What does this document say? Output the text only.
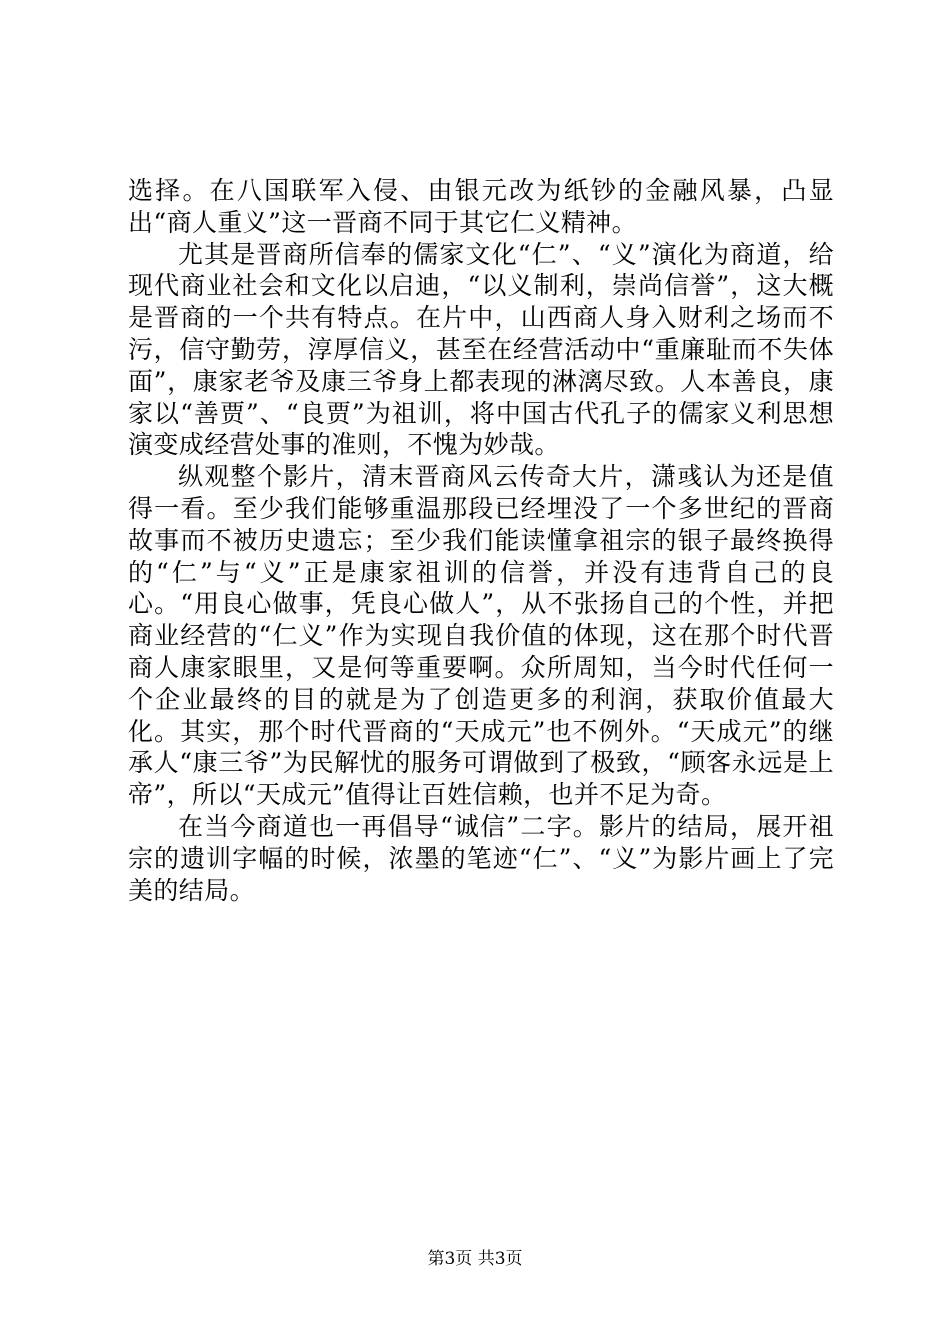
选择。在八国联军入侵、由银元改为纸钞的金融风暴，凸显出“商人重义”这一晋商不同于其它仁义精神。

尤其是晋商所信奉的儒家文化“仁”、“义”演化为商道，给现代商业社会和文化以启迪，“以义制利，崇尚信誉”，这大概是晋商的一个共有特点。在片中，山西商人身入财利之场而不污，信守勤劳，淳厚信义，甚至在经营活动中“重廉耻而不失体面”，康家老爷及康三爷身上都表现的淋漓尽致。人本善良，康家以“善贾”、“良贾”为祖训，将中国古代孔子的儒家义利思想演变成经营处事的准则，不愧为妙哉。

纵观整个影片，清末晋商风云传奇大片，潇彧认为还是值得一看。至少我们能够重温那段已经埋没了一个多世纪的晋商故事而不被历史遗忘；至少我们能读懂拿祖宗的银子最终换得的“仁”与“义”正是康家祖训的信誉，并没有违背自己的良心。“用良心做事，凭良心做人”，从不张扬自己的个性，并把商业经营的“仁义”作为实现自我价值的体现，这在那个时代晋商人康家眼里，又是何等重要啊。众所周知，当今时代任何一个企业最终的目的就是为了创造更多的利润，获取价值最大化。其实，那个时代晋商的“天成元”也不例外。“天成元”的继承人“康三爷”为民解忧的服务可谓做到了极致，“顾客永远是上帝”，所以“天成元”值得让百姓信赖，也并不足为奇。

在当今商道也一再倡导“诚信”二字。影片的结局，展开祖宗的遗训字幅的时候，浓墨的笔迹“仁”、“义”为影片画上了完美的结局。

第3页 共3页
